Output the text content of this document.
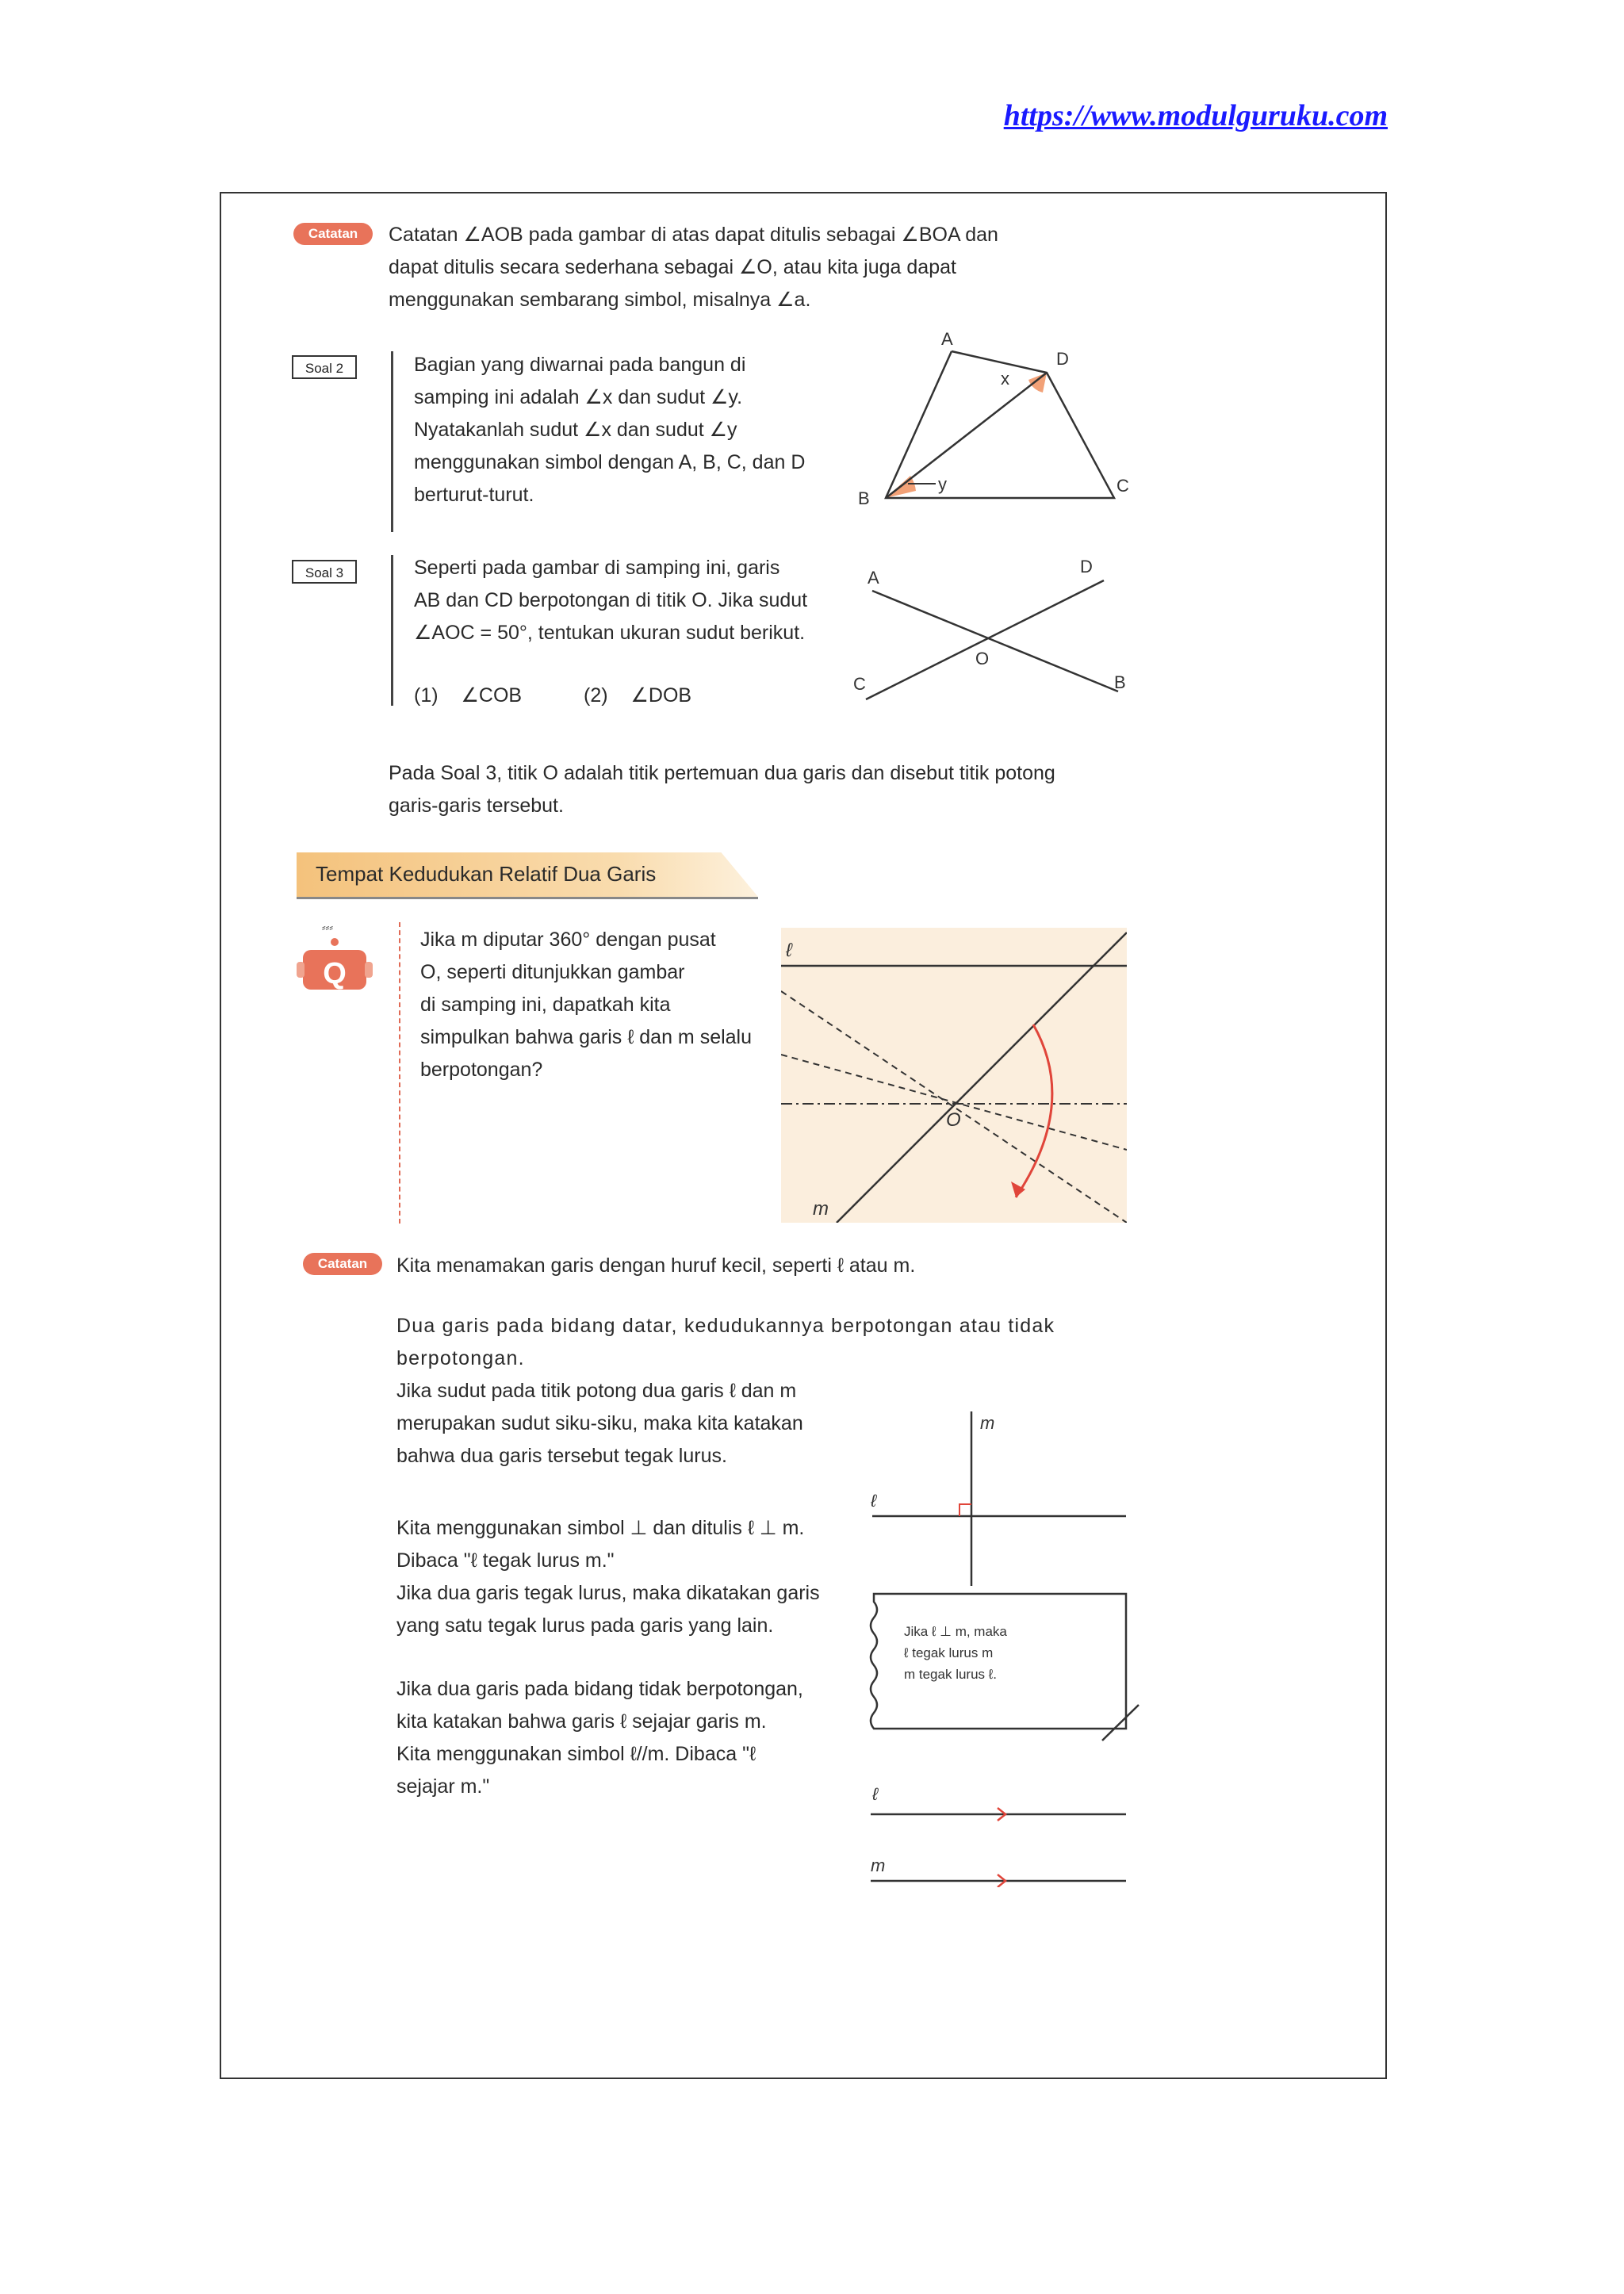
https://www.modulguruku.com
Catatan	Catatan ∠AOB pada gambar di atas dapat ditulis sebagai ∠BOA dan
dapat ditulis secara sederhana sebagai ∠O, atau kita juga dapat
menggunakan sembarang simbol, misalnya ∠a.
Soal 2	Bagian yang diwarnai pada bangun di
samping ini adalah ∠x dan sudut ∠y.
Nyatakanlah sudut ∠x dan sudut ∠y
menggunakan simbol dengan A, B, C, dan D
berturut-turut.
A
D
C
B
x
y
Soal 3	Seperti pada gambar di samping ini, garis
AB dan CD berpotongan di titik O. Jika sudut
∠AOC = 50°, tentukan ukuran sudut berikut.
(1) ∠COB	(2) ∠DOB
A
D
C	B
O
Pada Soal 3, titik O adalah titik pertemuan dua garis dan disebut titik potong
garis-garis tersebut.
Tempat Kedudukan Relatif Dua Garis
⸗⸗⸗
Q
Jika m diputar 360° dengan pusat
O, seperti ditunjukkan gambar
di samping ini, dapatkah kita
simpulkan bahwa garis ℓ dan m selalu
berpotongan?
ℓ
m
O
Catatan	Kita menamakan garis dengan huruf kecil, seperti ℓ atau m.
Dua garis pada bidang datar, kedudukannya berpotongan atau tidak
berpotongan.
Jika sudut pada titik potong dua garis ℓ dan m
merupakan sudut siku-siku, maka kita katakan
bahwa dua garis tersebut tegak lurus.
Kita menggunakan simbol ⊥ dan ditulis ℓ ⊥ m.
Dibaca "ℓ tegak lurus m."
Jika dua garis tegak lurus, maka dikatakan garis
yang satu tegak lurus pada garis yang lain.
Jika dua garis pada bidang tidak berpotongan,
kita katakan bahwa garis ℓ sejajar garis m.
Kita menggunakan simbol ℓ//m. Dibaca "ℓ
sejajar m."
m
ℓ
Jika ℓ ⊥ m, maka
ℓ tegak lurus m
m tegak lurus ℓ.
ℓ
m
